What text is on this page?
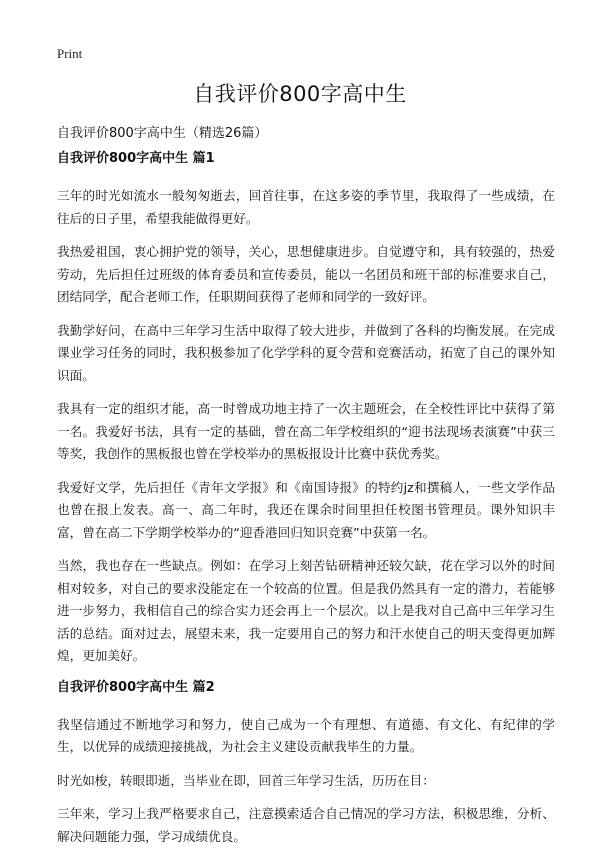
Print
自我评价800字高中生
自我评价800字高中生（精选26篇）
自我评价800字高中生 篇1

三年的时光如流水一般匆匆逝去，回首往事，在这多姿的季节里，我取得了一些成绩，在往后的日子里，希望我能做得更好。

我热爱祖国，衷心拥护党的领导，关心，思想健康进步。自觉遵守和，具有较强的，热爱劳动，先后担任过班级的体育委员和宣传委员，能以一名团员和班干部的标准要求自己，团结同学，配合老师工作，任职期间获得了老师和同学的一致好评。

我勤学好问，在高中三年学习生活中取得了较大进步，并做到了各科的均衡发展。在完成课业学习任务的同时，我积极参加了化学学科的夏令营和竞赛活动，拓宽了自己的课外知识面。

我具有一定的组织才能，高一时曾成功地主持了一次主题班会，在全校性评比中获得了第一名。我爱好书法，具有一定的基础，曾在高二年学校组织的“迎书法现场表演赛”中获三等奖，我创作的黑板报也曾在学校举办的黑板报设计比赛中获优秀奖。

我爱好文学，先后担任《青年文学报》和《南国诗报》的特约jz和撰稿人，一些文学作品也曾在报上发表。高一、高二年时，我还在课余时间里担任校图书管理员。课外知识丰富，曾在高二下学期学校举办的“迎香港回归知识竞赛”中获第一名。

当然，我也存在一些缺点。例如：在学习上刻苦钻研精神还较欠缺，花在学习以外的时间相对较多，对自己的要求没能定在一个较高的位置。但是我仍然具有一定的潜力，若能够进一步努力，我相信自己的综合实力还会再上一个层次。以上是我对自己高中三年学习生活的总结。面对过去，展望未来，我一定要用自己的努力和汗水使自己的明天变得更加辉煌，更加美好。

自我评价800字高中生 篇2

我坚信通过不断地学习和努力，使自己成为一个有理想、有道德、有文化、有纪律的学生，以优异的成绩迎接挑战，为社会主义建设贡献我毕生的力量。

时光如梭，转眼即逝，当毕业在即，回首三年学习生活，历历在目：

三年来，学习上我严格要求自己，注意摸索适合自己情况的学习方法，积极思维，分析、解决问题能力强，学习成绩优良。
